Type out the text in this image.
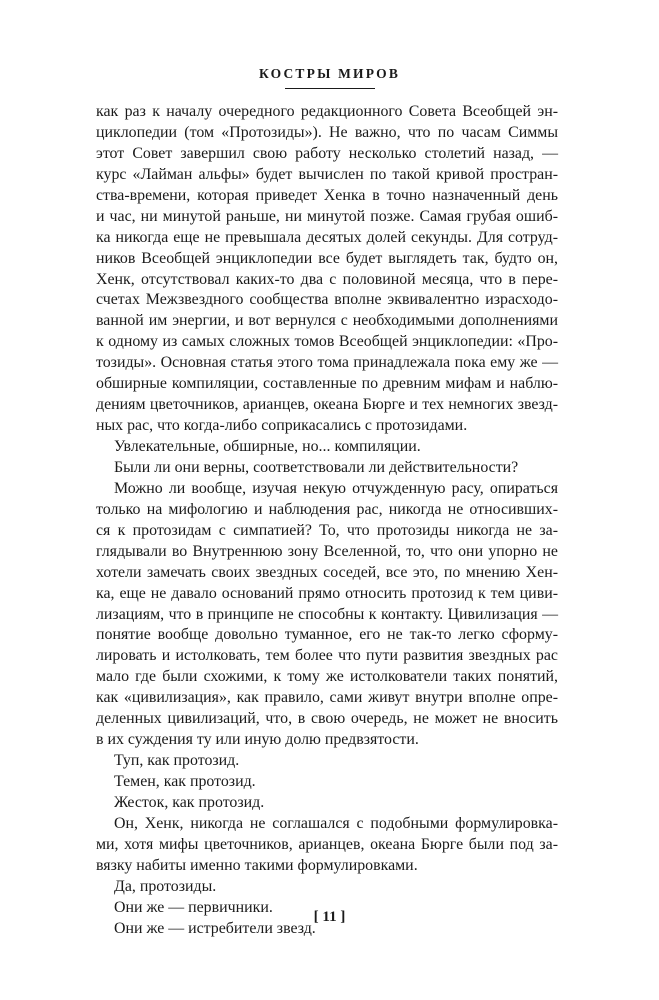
КОСТРЫ МИРОВ
как раз к началу очередного редакционного Совета Всеобщей эн-
циклопедии (том «Протозиды»). Не важно, что по часам Симмы
этот Совет завершил свою работу несколько столетий назад, —
курс «Лайман альфы» будет вычислен по такой кривой простран-
ства-времени, которая приведет Хенка в точно назначенный день
и час, ни минутой раньше, ни минутой позже. Самая грубая ошиб-
ка никогда еще не превышала десятых долей секунды. Для сотруд-
ников Всеобщей энциклопедии все будет выглядеть так, будто он,
Хенк, отсутствовал каких-то два с половиной месяца, что в пере-
счетах Межзвездного сообщества вполне эквивалентно израсходо-
ванной им энергии, и вот вернулся с необходимыми дополнениями
к одному из самых сложных томов Всеобщей энциклопедии: «Про-
тозиды». Основная статья этого тома принадлежала пока ему же —
обширные компиляции, составленные по древним мифам и наблю-
дениям цветочников, арианцев, океана Бюрге и тех немногих звезд-
ных рас, что когда-либо соприкасались с протозидами.
Увлекательные, обширные, но... компиляции.
Были ли они верны, соответствовали ли действительности?
Можно ли вообще, изучая некую отчужденную расу, опираться
только на мифологию и наблюдения рас, никогда не относивших-
ся к протозидам с симпатией? То, что протозиды никогда не за-
глядывали во Внутреннюю зону Вселенной, то, что они упорно не
хотели замечать своих звездных соседей, все это, по мнению Хен-
ка, еще не давало оснований прямо относить протозид к тем циви-
лизациям, что в принципе не способны к контакту. Цивилизация —
понятие вообще довольно туманное, его не так-то легко сформу-
лировать и истолковать, тем более что пути развития звездных рас
мало где были схожими, к тому же истолкователи таких понятий,
как «цивилизация», как правило, сами живут внутри вполне опре-
деленных цивилизаций, что, в свою очередь, не может не вносить
в их суждения ту или иную долю предвзятости.
Туп, как протозид.
Темен, как протозид.
Жесток, как протозид.
Он, Хенк, никогда не соглашался с подобными формулировка-
ми, хотя мифы цветочников, арианцев, океана Бюрге были под за-
вязку набиты именно такими формулировками.
Да, протозиды.
Они же — первичники.
Они же — истребители звезд.
[ 11 ]
